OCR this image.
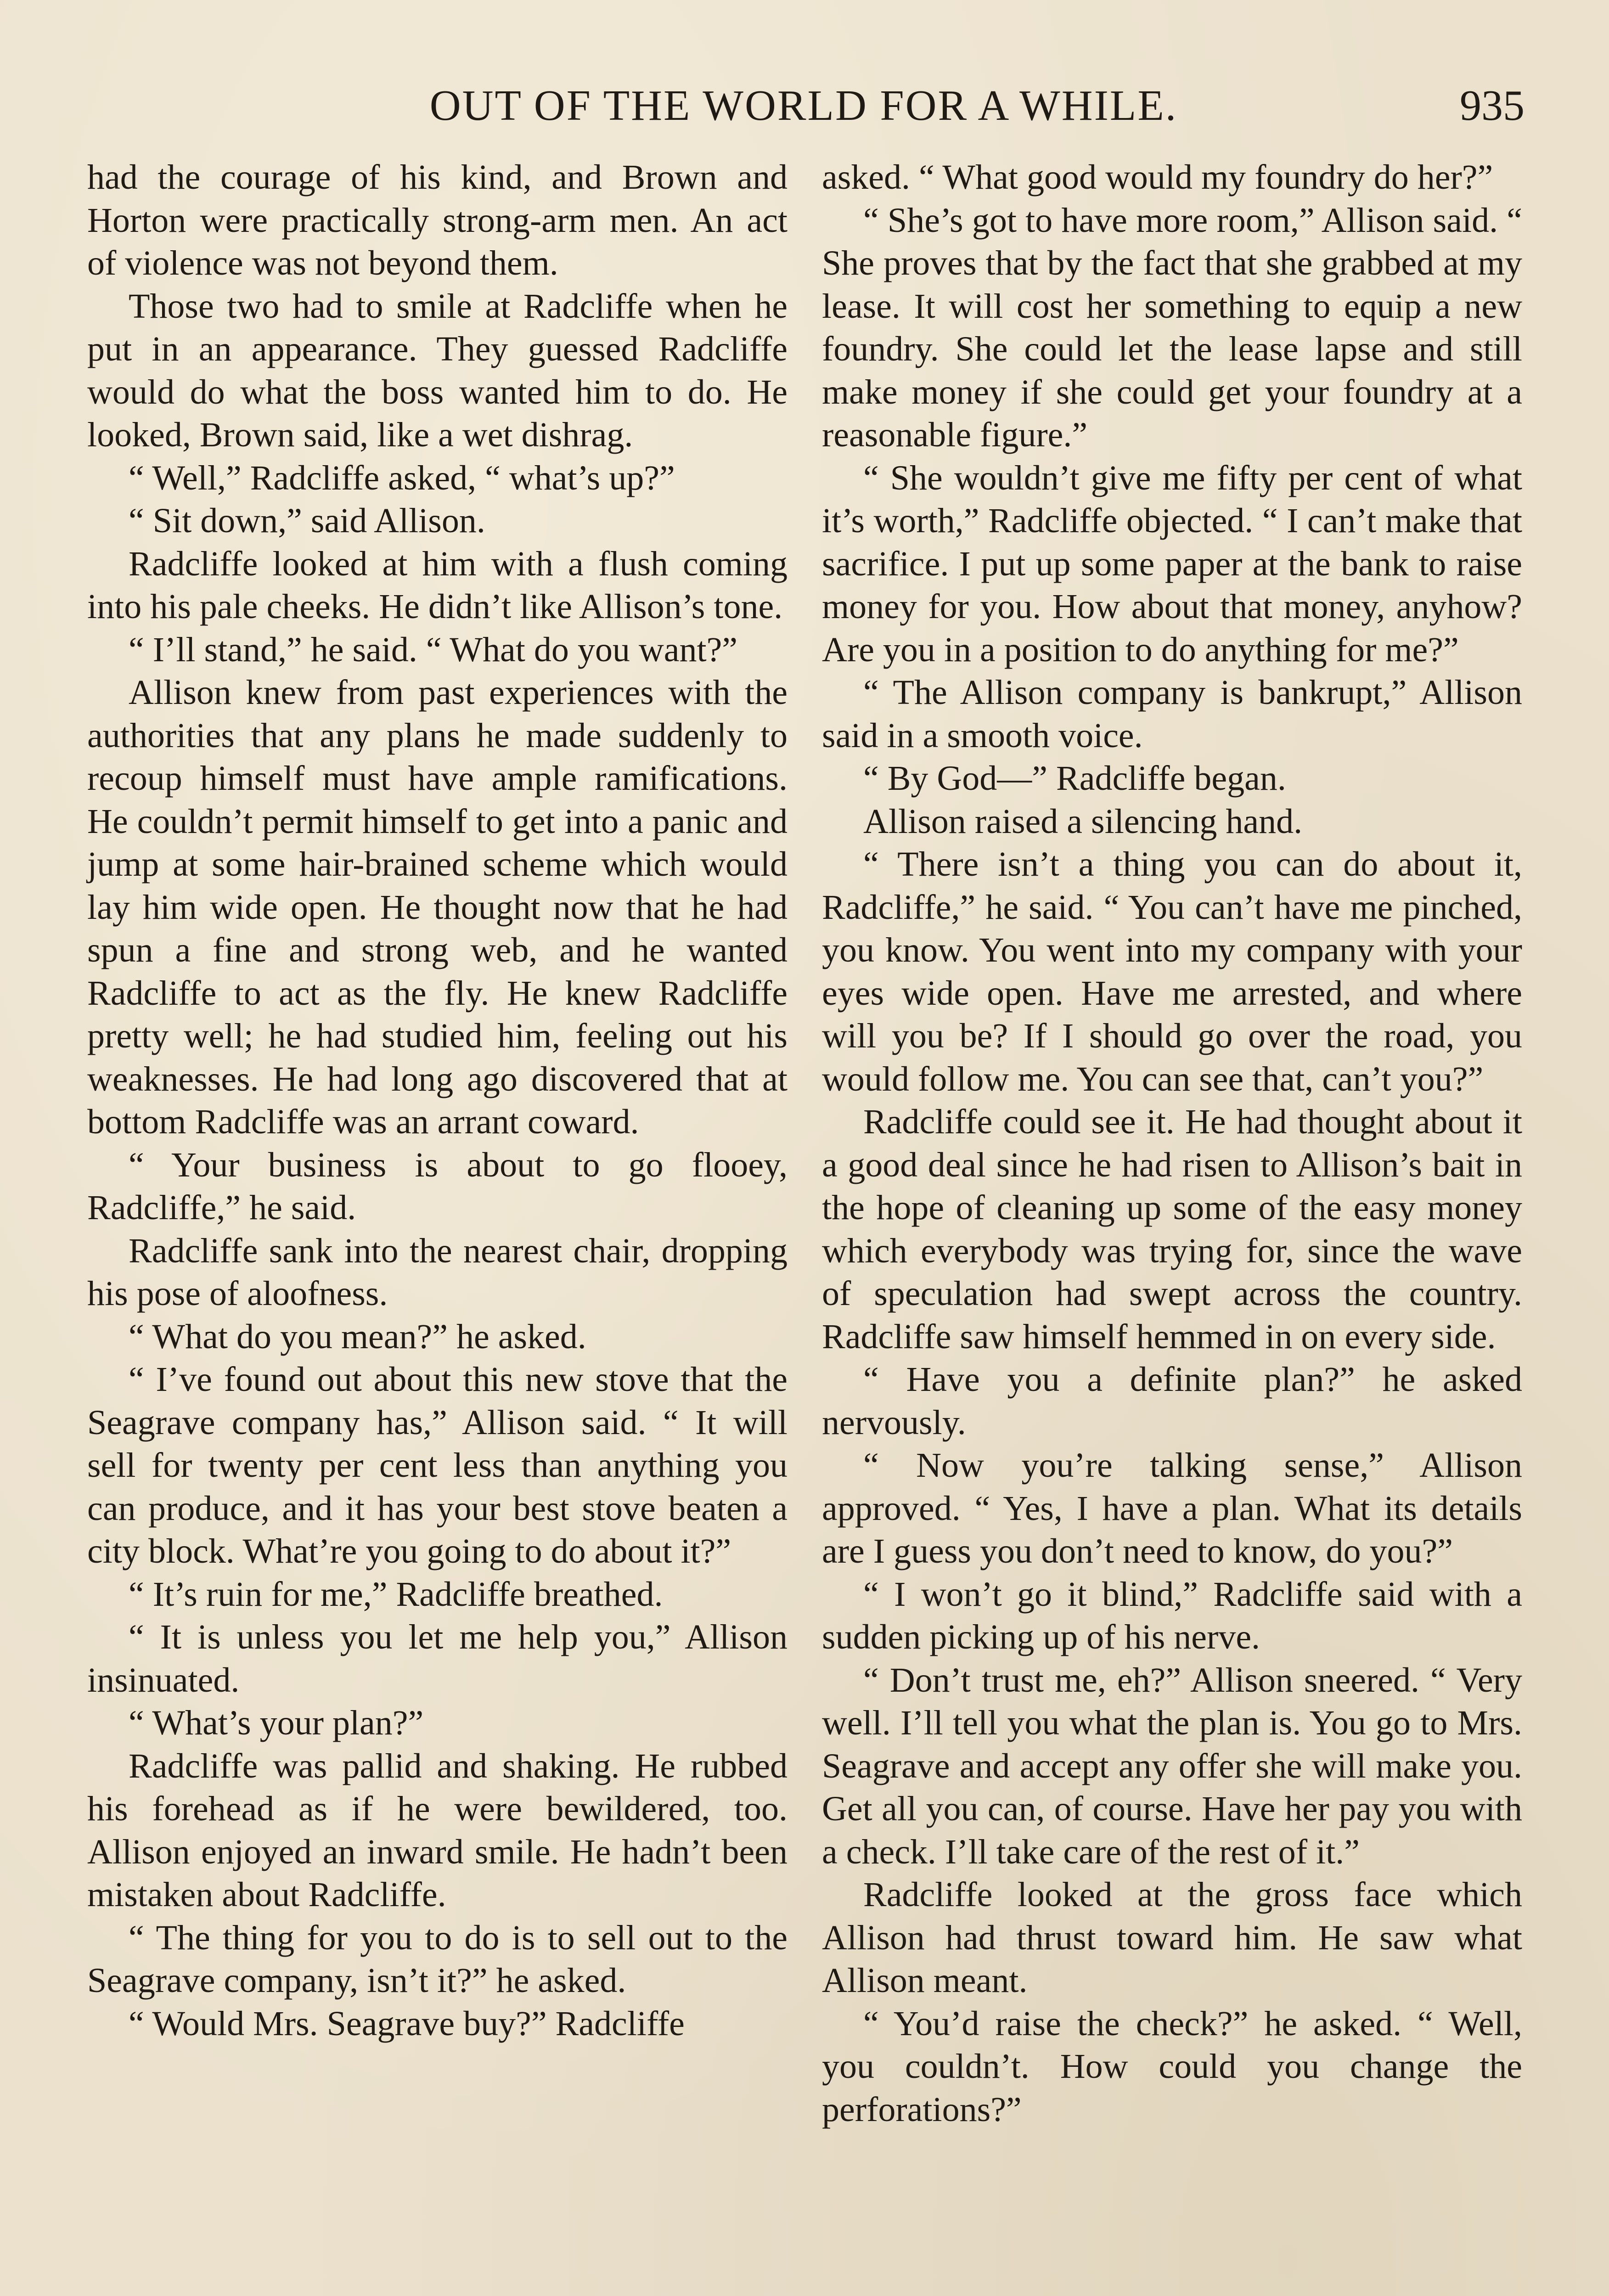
OUT OF THE WORLD FOR A WHILE.	935

had the courage of his kind, and Brown and Horton were practically strong-arm men. An act of violence was not beyond them.

Those two had to smile at Radcliffe when he put in an appearance. They guessed Radcliffe would do what the boss wanted him to do. He looked, Brown said, like a wet dishrag.

“ Well,” Radcliffe asked, “ what’s up?”

“ Sit down,” said Allison.

Radcliffe looked at him with a flush coming into his pale cheeks. He didn’t like Allison’s tone.

“ I’ll stand,” he said. “ What do you want?”

Allison knew from past experiences with the authorities that any plans he made suddenly to recoup himself must have ample ramifications. He couldn’t permit himself to get into a panic and jump at some hair-brained scheme which would lay him wide open. He thought now that he had spun a fine and strong web, and he wanted Radcliffe to act as the fly. He knew Radcliffe pretty well; he had studied him, feeling out his weaknesses. He had long ago discovered that at bottom Radcliffe was an arrant coward.

“ Your business is about to go flooey, Radcliffe,” he said.

Radcliffe sank into the nearest chair, dropping his pose of aloofness.

“ What do you mean?” he asked.

“ I’ve found out about this new stove that the Seagrave company has,” Allison said. “ It will sell for twenty per cent less than anything you can produce, and it has your best stove beaten a city block. What’re you going to do about it?”

“ It’s ruin for me,” Radcliffe breathed.

“ It is unless you let me help you,” Allison insinuated.

“ What’s your plan?”

Radcliffe was pallid and shaking. He rubbed his forehead as if he were bewildered, too. Allison enjoyed an inward smile. He hadn’t been mistaken about Radcliffe.

“ The thing for you to do is to sell out to the Seagrave company, isn’t it?” he asked.

“ Would Mrs. Seagrave buy?” Radcliffe

asked. “ What good would my foundry do her?”

“ She’s got to have more room,” Allison said. “ She proves that by the fact that she grabbed at my lease. It will cost her something to equip a new foundry. She could let the lease lapse and still make money if she could get your foundry at a reasonable figure.”

“ She wouldn’t give me fifty per cent of what it’s worth,” Radcliffe objected. “ I can’t make that sacrifice. I put up some paper at the bank to raise money for you. How about that money, anyhow? Are you in a position to do anything for me?”

“ The Allison company is bankrupt,” Allison said in a smooth voice.

“ By God—” Radcliffe began.

Allison raised a silencing hand.

“ There isn’t a thing you can do about it, Radcliffe,” he said. “ You can’t have me pinched, you know. You went into my company with your eyes wide open. Have me arrested, and where will you be? If I should go over the road, you would follow me. You can see that, can’t you?”

Radcliffe could see it. He had thought about it a good deal since he had risen to Allison’s bait in the hope of cleaning up some of the easy money which everybody was trying for, since the wave of speculation had swept across the country. Radcliffe saw himself hemmed in on every side.

“ Have you a definite plan?” he asked nervously.

“ Now you’re talking sense,” Allison approved. “ Yes, I have a plan. What its details are I guess you don’t need to know, do you?”

“ I won’t go it blind,” Radcliffe said with a sudden picking up of his nerve.

“ Don’t trust me, eh?” Allison sneered. “ Very well. I’ll tell you what the plan is. You go to Mrs. Seagrave and accept any offer she will make you. Get all you can, of course. Have her pay you with a check. I’ll take care of the rest of it.”

Radcliffe looked at the gross face which Allison had thrust toward him. He saw what Allison meant.

“ You’d raise the check?” he asked. “ Well, you couldn’t. How could you change the perforations?”
